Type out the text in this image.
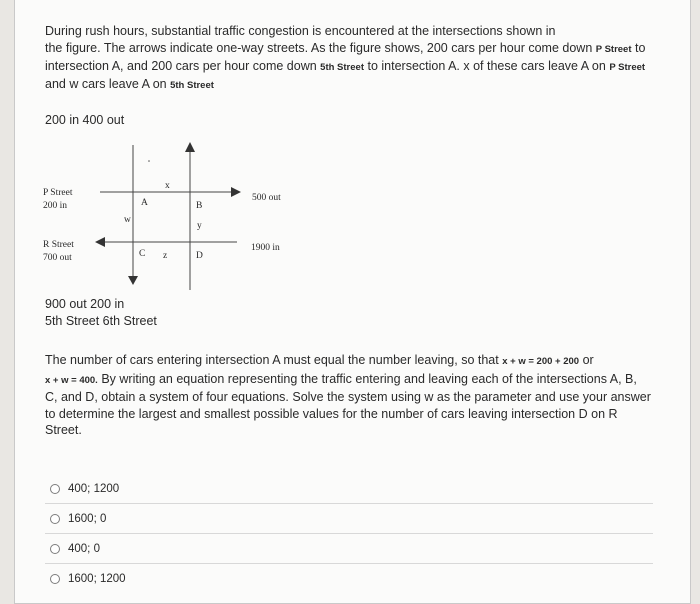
During rush hours, substantial traffic congestion is encountered at the intersections shown in

the figure. The arrows indicate one-way streets. As the figure shows, 200 cars per hour come down P Street to

intersection A, and 200 cars per hour come down 5th Street to intersection A. x of these cars leave A on P Street

and w cars leave A on 5th Street

200 in 400 out
P Street
200 in
R Street
700 out
500 out
1900 in
A	B
C	D
x
y
z
w
900 out 200 in
5th Street 6th Street

The number of cars entering intersection A must equal the number leaving, so that x + w = 200 + 200 or

x + w = 400. By writing an equation representing the traffic entering and leaving each of the intersections A, B,

C, and D, obtain a system of four equations. Solve the system using w as the parameter and use your answer

to determine the largest and smallest possible values for the number of cars leaving intersection D on R

Street.

400; 1200
1600; 0
400; 0
1600; 1200
